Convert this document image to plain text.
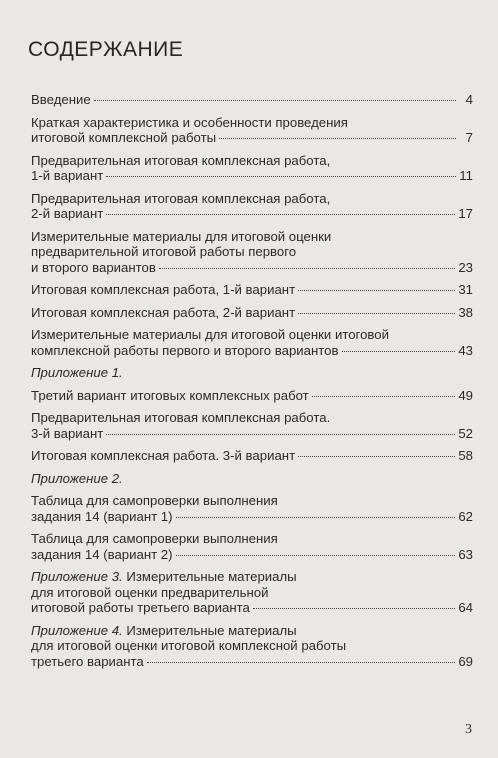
СОДЕРЖАНИЕ
Введение	4
Краткая характеристика и особенности проведения
итоговой комплексной работы	7
Предварительная итоговая комплексная работа,
1-й вариант	11
Предварительная итоговая комплексная работа,
2-й вариант	17
Измерительные материалы для итоговой оценки
предварительной итоговой работы первого
и второго вариантов	23
Итоговая комплексная работа, 1-й вариант	31
Итоговая комплексная работа, 2-й вариант	38
Измерительные материалы для итоговой оценки итоговой
комплексной работы первого и второго вариантов	43
Приложение 1.
Третий вариант итоговых комплексных работ	49
Предварительная итоговая комплексная работа.
3-й вариант	52
Итоговая комплексная работа. 3-й вариант	58
Приложение 2.
Таблица для самопроверки выполнения
задания 14 (вариант 1)	62
Таблица для самопроверки выполнения
задания 14 (вариант 2)	63
Приложение 3.
Измерительные материалы
для итоговой оценки предварительной
итоговой работы третьего варианта	64
Приложение 4.
Измерительные материалы
для итоговой оценки итоговой комплексной работы
третьего варианта	69
3
